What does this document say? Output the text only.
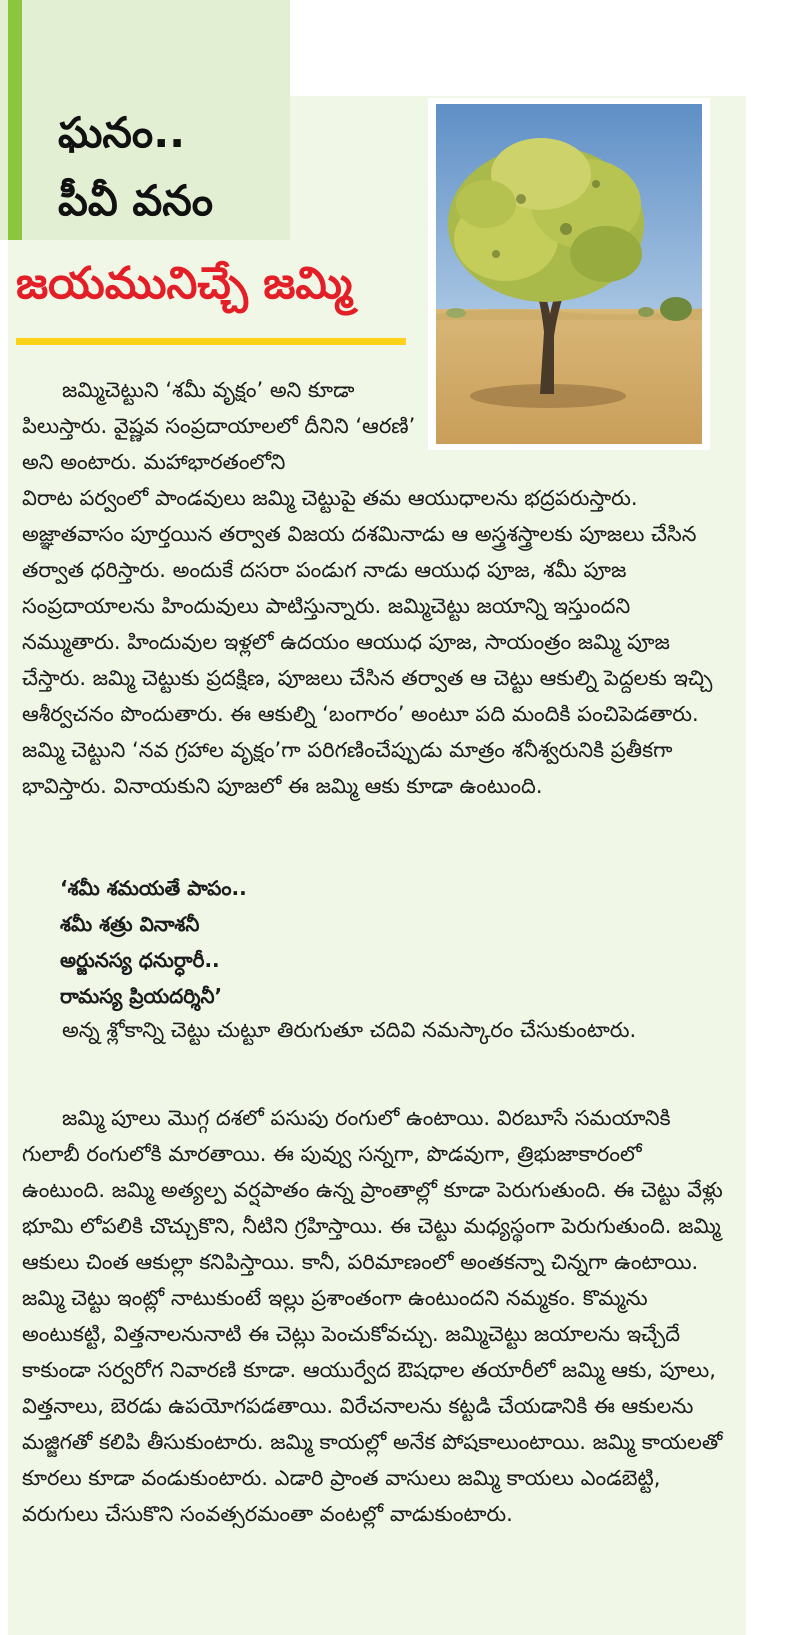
ఘనం..
పీవీ వనం
జయమునిచ్చే జమ్మి

జమ్మిచెట్టుని ‘శమీ వృక్షం’ అని కూడా పిలుస్తారు. వైష్ణవ సంప్రదాయాలలో దీనిని ‘ఆరణి’ అని అంటారు. మహాభారతంలోని
విరాట పర్వంలో పాండవులు జమ్మి చెట్టుపై తమ ఆయుధాలను భద్రపరుస్తారు. అజ్ఞాతవాసం పూర్తయిన తర్వాత విజయ దశమినాడు ఆ అస్త్రశస్త్రాలకు పూజలు చేసిన తర్వాత ధరిస్తారు. అందుకే దసరా పండుగ నాడు ఆయుధ పూజ, శమీ పూజ సంప్రదాయాలను హిందువులు పాటిస్తున్నారు. జమ్మిచెట్టు జయాన్ని ఇస్తుందని నమ్ముతారు. హిందువుల ఇళ్లలో ఉదయం ఆయుధ పూజ, సాయంత్రం జమ్మి పూజ చేస్తారు. జమ్మి చెట్టుకు ప్రదక్షిణ, పూజలు చేసిన తర్వాత ఆ చెట్టు ఆకుల్ని పెద్దలకు ఇచ్చి ఆశీర్వచనం పొందుతారు. ఈ ఆకుల్ని ‘బంగారం’ అంటూ పది మందికి పంచిపెడతారు. జమ్మి చెట్టుని ‘నవ గ్రహాల వృక్షం’గా పరిగణించేప్పుడు మాత్రం శనీశ్వరునికి ప్రతీకగా భావిస్తారు. వినాయకుని పూజలో ఈ జమ్మి ఆకు కూడా ఉంటుంది.

‘శమీ శమయతే పాపం..
శమీ శత్రు వినాశనీ
అర్జునస్య ధనుర్ధారీ..
రామస్య ప్రియదర్శినీ’

అన్న శ్లోకాన్ని చెట్టు చుట్టూ తిరుగుతూ చదివి నమస్కారం చేసుకుంటారు.

జమ్మి పూలు మొగ్గ దశలో పసుపు రంగులో ఉంటాయి. విరబూసే సమయానికి గులాబీ రంగులోకి మారతాయి. ఈ పువ్వు సన్నగా, పొడవుగా, త్రిభుజాకారంలో ఉంటుంది. జమ్మి అత్యల్ప వర్షపాతం ఉన్న ప్రాంతాల్లో కూడా పెరుగుతుంది. ఈ చెట్టు వేళ్లు భూమి లోపలికి చొచ్చుకొని, నీటిని గ్రహిస్తాయి. ఈ చెట్టు మధ్యస్థంగా పెరుగుతుంది. జమ్మి ఆకులు చింత ఆకుల్లా కనిపిస్తాయి. కానీ, పరిమాణంలో అంతకన్నా చిన్నగా ఉంటాయి. జమ్మి చెట్టు ఇంట్లో నాటుకుంటే ఇల్లు ప్రశాంతంగా ఉంటుందని నమ్మకం. కొమ్మను అంటుకట్టి, విత్తనాలనునాటి ఈ చెట్లు పెంచుకోవచ్చు. జమ్మిచెట్టు జయాలను ఇచ్చేదే కాకుండా సర్వరోగ నివారణి కూడా. ఆయుర్వేద ఔషధాల తయారీలో జమ్మి ఆకు, పూలు, విత్తనాలు, బెరడు ఉపయోగపడతాయి. విరేచనాలను కట్టడి చేయడానికి ఈ ఆకులను మజ్జిగతో కలిపి తీసుకుంటారు. జమ్మి కాయల్లో అనేక పోషకాలుంటాయి. జమ్మి కాయలతో కూరలు కూడా వండుకుంటారు. ఎడారి ప్రాంత వాసులు జమ్మి కాయలు ఎండబెట్టి, వరుగులు చేసుకొని సంవత్సరమంతా వంటల్లో వాడుకుంటారు.
